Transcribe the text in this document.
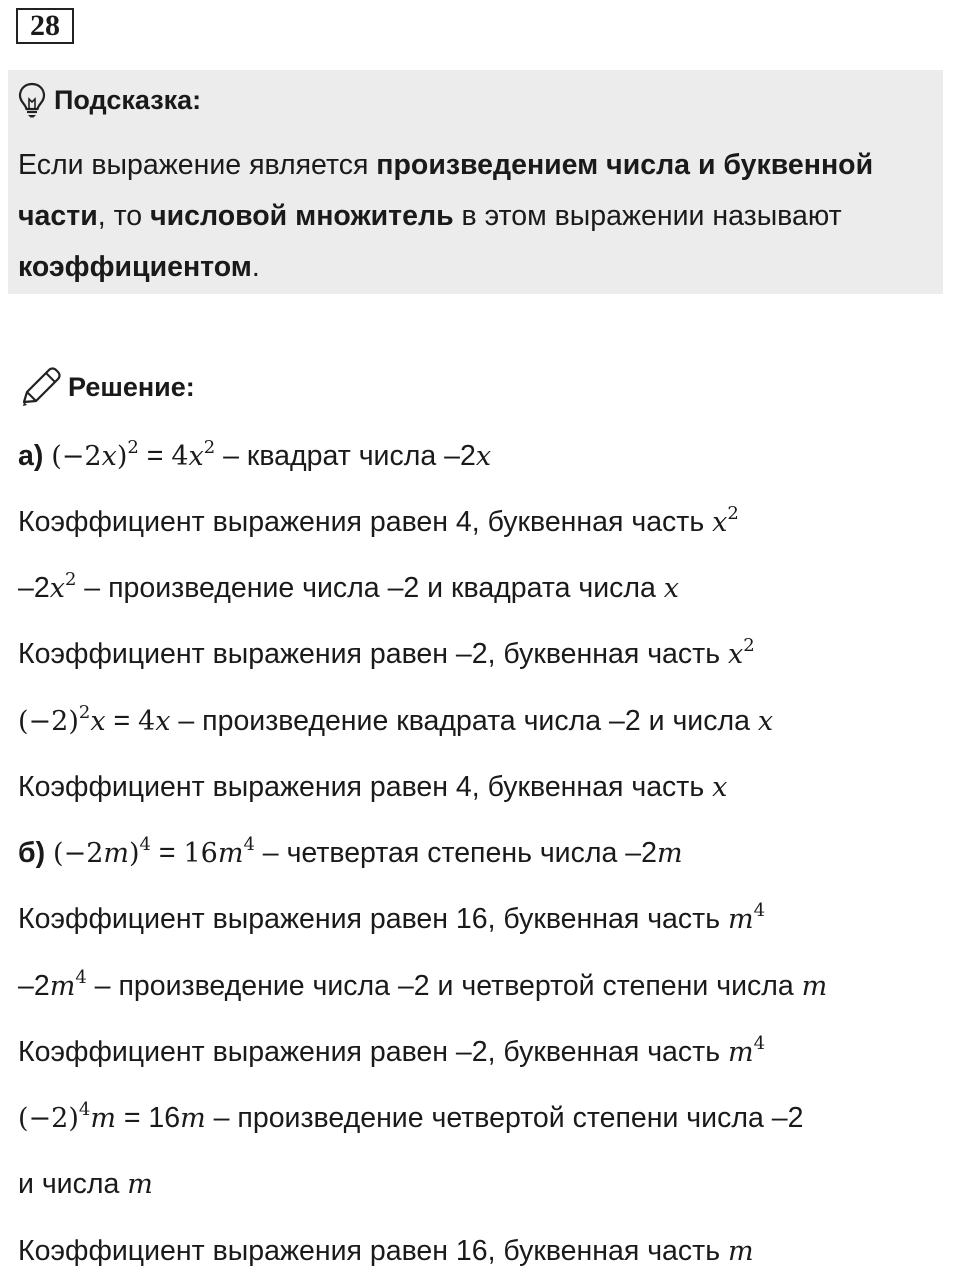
28
Подсказка:
Если выражение является произведением числа и буквенной части, то числовой множитель в этом выражении называют коэффициентом.
Решение:
а) $(-2x)^2 = 4x^2$ – квадрат числа –2x
Коэффициент выражения равен 4, буквенная часть $x^2$
$-2x^2$ – произведение числа –2 и квадрата числа x
Коэффициент выражения равен –2, буквенная часть $x^2$
$(-2)^2x = 4x$ – произведение квадрата числа –2 и числа x
Коэффициент выражения равен 4, буквенная часть x
б) $(-2m)^4 = 16m^4$ – четвертая степень числа –2m
Коэффициент выражения равен 16, буквенная часть $m^4$
$-2m^4$ – произведение числа –2 и четвертой степени числа m
Коэффициент выражения равен –2, буквенная часть $m^4$
$(-2)^4m = 16m$ – произведение четвертой степени числа –2
и числа m
Коэффициент выражения равен 16, буквенная часть m
